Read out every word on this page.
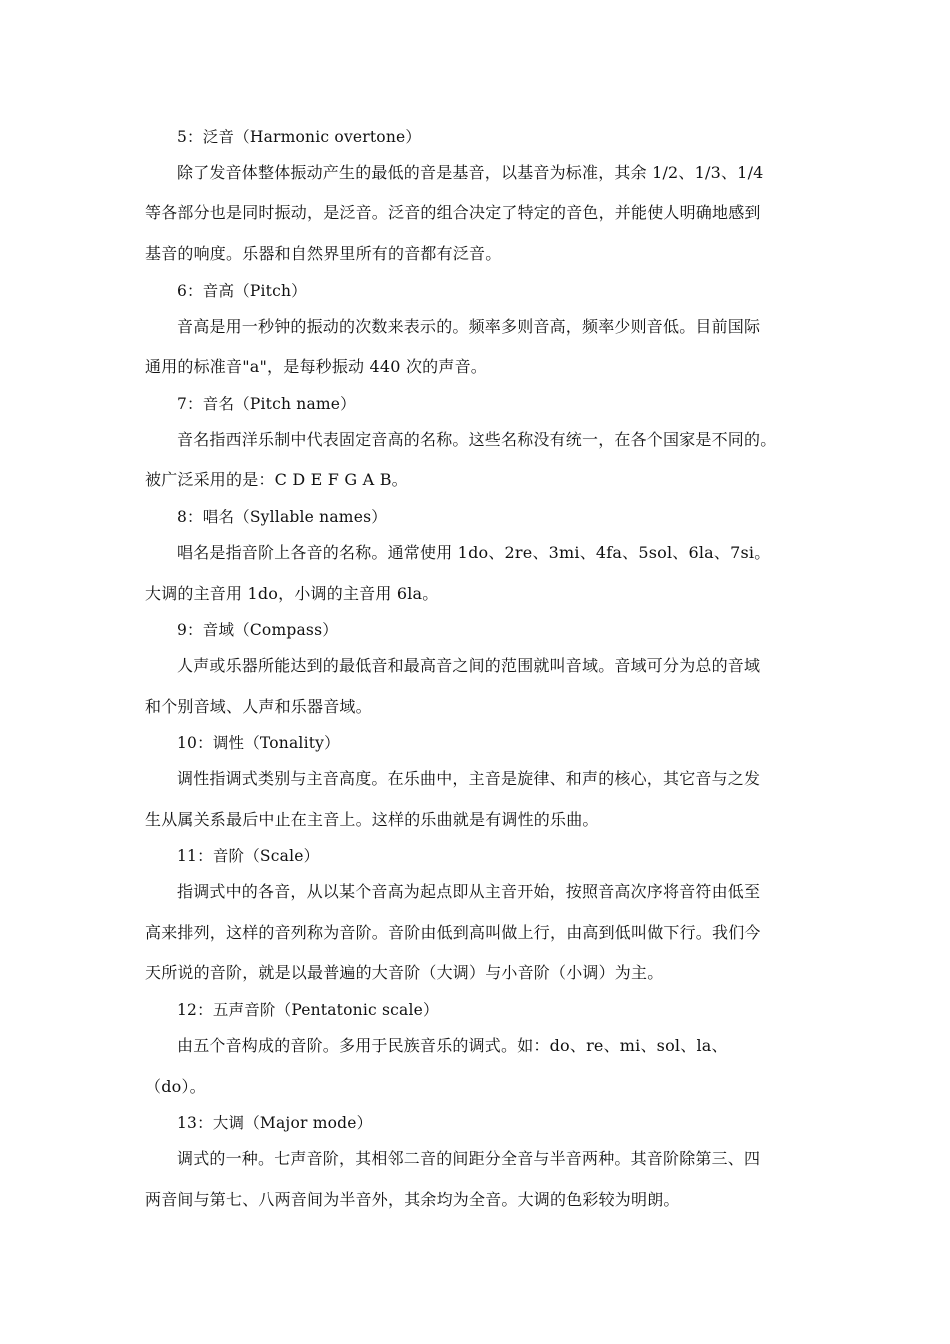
5：泛音（Harmonic overtone）
除了发音体整体振动产生的最低的音是基音，以基音为标准，其余 1/2、1/3、1/4
等各部分也是同时振动，是泛音。泛音的组合决定了特定的音色，并能使人明确地感到
基音的响度。乐器和自然界里所有的音都有泛音。
6：音高（Pitch）
音高是用一秒钟的振动的次数来表示的。频率多则音高，频率少则音低。目前国际
通用的标准音"a"，是每秒振动 440 次的声音。
7：音名（Pitch name）
音名指西洋乐制中代表固定音高的名称。这些名称没有统一，在各个国家是不同的。
被广泛采用的是：C D E F G A B。
8：唱名（Syllable names）
唱名是指音阶上各音的名称。通常使用 1do、2re、3mi、4fa、5sol、6la、7si。
大调的主音用 1do，小调的主音用 6la。
9：音域（Compass）
人声或乐器所能达到的最低音和最高音之间的范围就叫音域。音域可分为总的音域
和个别音域、人声和乐器音域。
10：调性（Tonality）
调性指调式类别与主音高度。在乐曲中，主音是旋律、和声的核心，其它音与之发
生从属关系最后中止在主音上。这样的乐曲就是有调性的乐曲。
11：音阶（Scale）
指调式中的各音，从以某个音高为起点即从主音开始，按照音高次序将音符由低至
高来排列，这样的音列称为音阶。音阶由低到高叫做上行，由高到低叫做下行。我们今
天所说的音阶，就是以最普遍的大音阶（大调）与小音阶（小调）为主。
12：五声音阶（Pentatonic scale）
由五个音构成的音阶。多用于民族音乐的调式。如：do、re、mi、sol、la、
（do）。
13：大调（Major mode）
调式的一种。七声音阶，其相邻二音的间距分全音与半音两种。其音阶除第三、四
两音间与第七、八两音间为半音外，其余均为全音。大调的色彩较为明朗。
